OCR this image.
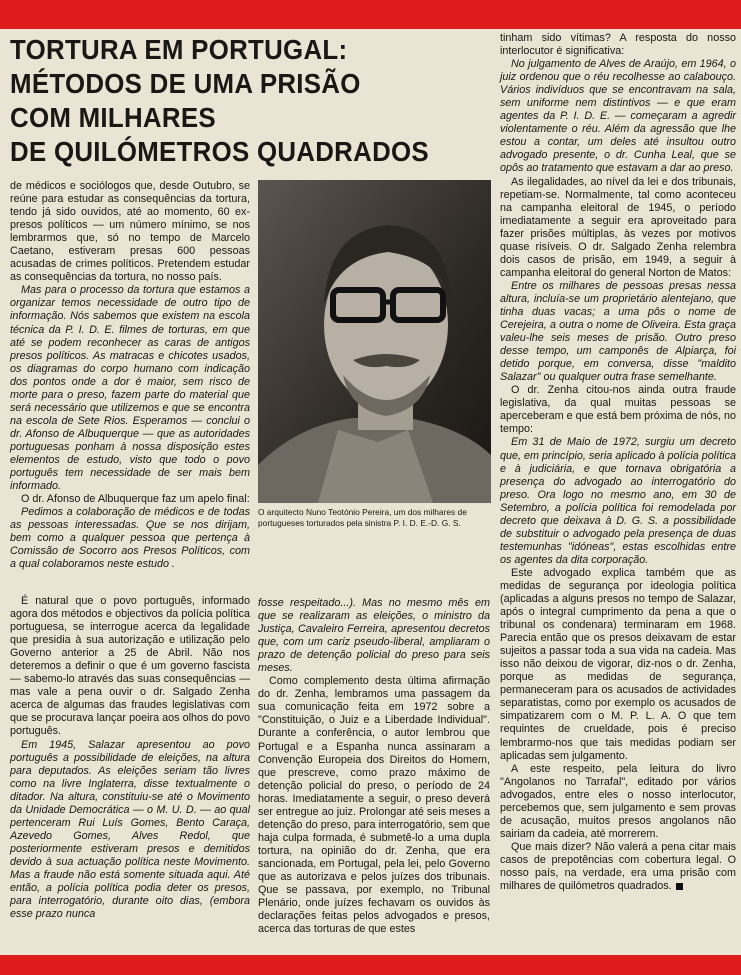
TORTURA EM PORTUGAL:
MÉTODOS DE UMA PRISÃO
COM MILHARES
DE QUILÓMETROS QUADRADOS

de médicos e sociólogos que, desde Outubro, se reúne para estudar as consequências da tortura, tendo já sido ouvidos, até ao momento, 60 ex-presos políticos — um número mínimo, se nos lembrarmos que, só no tempo de Marcelo Caetano, estiveram presas 600 pessoas acusadas de crimes políticos. Pretendem estudar as consequências da tortura, no nosso país.

Mas para o processo da tortura que estamos a organizar temos necessidade de outro tipo de informação. Nós sabemos que existem na escola técnica da P. I. D. E. filmes de torturas, em que até se podem reconhecer as caras de antigos presos políticos. As matracas e chicotes usados, os diagramas do corpo humano com indicação dos pontos onde a dor é maior, sem risco de morte para o preso, fazem parte do material que será necessário que utilizemos e que se encontra na escola de Sete Rios. Esperamos — conclui o dr. Afonso de Albuquerque — que as autoridades portuguesas ponham à nossa disposição estes elementos de estudo, visto que todo o povo português tem necessidade de ser mais bem informado.

O dr. Afonso de Albuquerque faz um apelo final:

Pedimos a colaboração de médicos e de todas as pessoas interessadas. Que se nos dirijam, bem como a qualquer pessoa que pertença à Comissão de Socorro aos Presos Políticos, com a qual colaboramos neste estudo .

É natural que o povo português, informado agora dos métodos e objectivos da polícia política portuguesa, se interrogue acerca da legalidade que presidia à sua autorização e utilização pelo Governo anterior a 25 de Abril. Não nos deteremos a definir o que é um governo fascista — sabemo-lo através das suas consequências — mas vale a pena ouvir o dr. Salgado Zenha acerca de algumas das fraudes legislativas com que se procurava lançar poeira aos olhos do povo português.

Em 1945, Salazar apresentou ao povo português a possibilidade de eleições, na altura para deputados. As eleições seriam tão livres como na livre Inglaterra, disse textualmente o ditador. Na altura, constituiu-se até o Movimento da Unidade Democrática — o M. U. D. — ao qual pertenceram Rui Luís Gomes, Bento Caraça, Azevedo Gomes, Alves Redol, que posteriormente estiveram presos e demitidos devido à sua actuação política neste Movimento. Mas a fraude não está somente situada aqui. Até então, a polícia política podia deter os presos, para interrogatório, durante oito dias, (embora esse prazo nunca

O arquitecto Nuno Teotónio Pereira, um dos milhares de portugueses torturados pela sinistra P. I. D. E.-D. G. S.

fosse respeitado...). Mas no mesmo mês em que se realizaram as eleições, o ministro da Justiça, Cavaleiro Ferreira, apresentou decretos que, com um cariz pseudo-liberal, ampliaram o prazo de detenção policial do preso para seis meses.

Como complemento desta última afirmação do dr. Zenha, lembramos uma passagem da sua comunicação feita em 1972 sobre a "Constituição, o Juiz e a Liberdade Individual". Durante a conferência, o autor lembrou que Portugal e a Espanha nunca assinaram a Convenção Europeia dos Direitos do Homem, que prescreve, como prazo máximo de detenção policial do preso, o período de 24 horas. Imediatamente a seguir, o preso deverá ser entregue ao juiz. Prolongar até seis meses a detenção do preso, para interrogatório, sem que haja culpa formada, é submetê-lo a uma dupla tortura, na opinião do dr. Zenha, que era sancionada, em Portugal, pela lei, pelo Governo que as autorizava e pelos juízes dos tribunais. Que se passava, por exemplo, no Tribunal Plenário, onde juízes fechavam os ouvidos às declarações feitas pelos advogados e presos, acerca das torturas de que estes

tinham sido vítimas? A resposta do nosso interlocutor é significativa:

No julgamento de Alves de Araújo, em 1964, o juiz ordenou que o réu recolhesse ao calabouço. Vários indivíduos que se encontravam na sala, sem uniforme nem distintivos — e que eram agentes da P. I. D. E. — começaram a agredir violentamente o réu. Além da agressão que lhe estou a contar, um deles até insultou outro advogado presente, o dr. Cunha Leal, que se opôs ao tratamento que estavam a dar ao preso.

As ilegalidades, ao nível da lei e dos tribunais, repetiam-se. Normalmente, tal como aconteceu na campanha eleitoral de 1945, o período imediatamente a seguir era aproveitado para fazer prisões múltiplas, às vezes por motivos quase risíveis. O dr. Salgado Zenha relembra dois casos de prisão, em 1949, a seguir à campanha eleitoral do general Norton de Matos:

Entre os milhares de pessoas presas nessa altura, incluía-se um proprietário alentejano, que tinha duas vacas; a uma pôs o nome de Cerejeira, a outra o nome de Oliveira. Esta graça valeu-lhe seis meses de prisão. Outro preso desse tempo, um camponês de Alpiarça, foi detido porque, em conversa, disse "maldito Salazar" ou qualquer outra frase semelhante.

O dr. Zenha citou-nos ainda outra fraude legislativa, da qual muitas pessoas se aperceberam e que está bem próxima de nós, no tempo:

Em 31 de Maio de 1972, surgiu um decreto que, em princípio, seria aplicado à polícia política e à judiciária, e que tornava obrigatória a presença do advogado ao interrogatório do preso. Ora logo no mesmo ano, em 30 de Setembro, a polícia política foi remodelada por decreto que deixava à D. G. S. a possibilidade de substituir o advogado pela presença de duas testemunhas "idóneas", estas escolhidas entre os agentes da dita corporação.

Este advogado explica também que as medidas de segurança por ideologia política (aplicadas a alguns presos no tempo de Salazar, após o integral cumprimento da pena a que o tribunal os condenara) terminaram em 1968. Parecia então que os presos deixavam de estar sujeitos a passar toda a sua vida na cadeia. Mas isso não deixou de vigorar, diz-nos o dr. Zenha, porque as medidas de segurança, permaneceram para os acusados de actividades separatistas, como por exemplo os acusados de simpatizarem com o M. P. L. A. O que tem requintes de crueldade, pois é preciso lembrarmo-nos que tais medidas podiam ser aplicadas sem julgamento.

A este respeito, pela leitura do livro "Angolanos no Tarrafal", editado por vários advogados, entre eles o nosso interlocutor, percebemos que, sem julgamento e sem provas de acusação, muitos presos angolanos não sairiam da cadeia, até morrerem.

Que mais dizer? Não valerá a pena citar mais casos de prepotências com cobertura legal. O nosso país, na verdade, era uma prisão com milhares de quilómetros quadrados.
